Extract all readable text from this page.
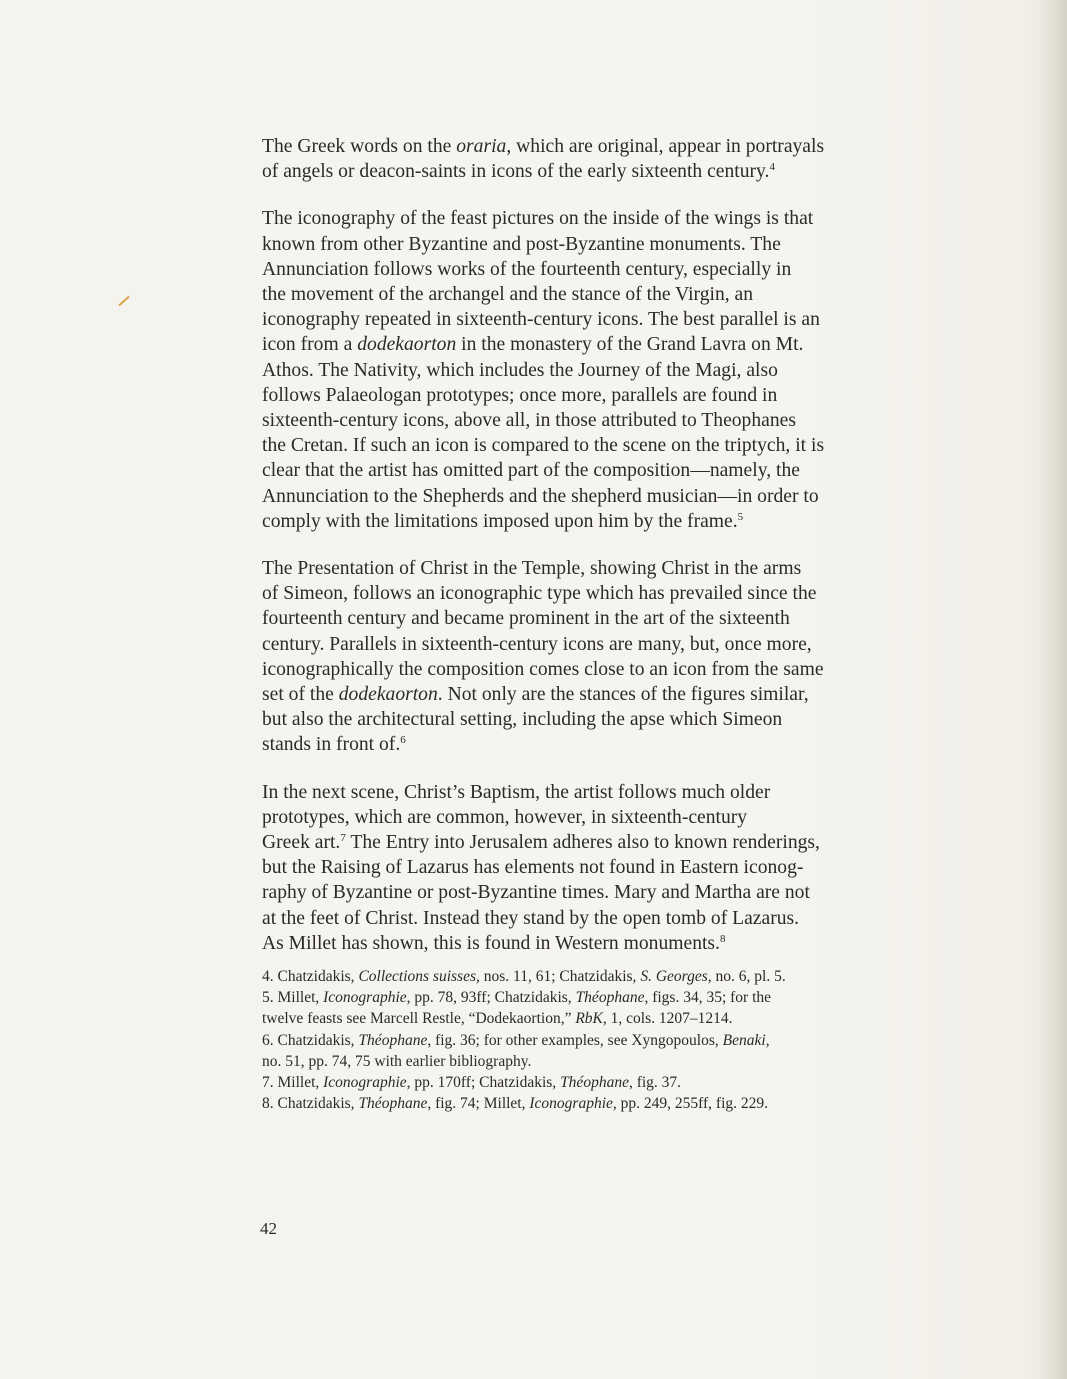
The Greek words on the oraria, which are original, appear in portrayals
of angels or deacon-saints in icons of the early sixteenth century.$^4$

The iconography of the feast pictures on the inside of the wings is that
known from other Byzantine and post-Byzantine monuments. The
Annunciation follows works of the fourteenth century, especially in
the movement of the archangel and the stance of the Virgin, an
iconography repeated in sixteenth-century icons. The best parallel is an
icon from a dodekaorton in the monastery of the Grand Lavra on Mt.
Athos. The Nativity, which includes the Journey of the Magi, also
follows Palaeologan prototypes; once more, parallels are found in
sixteenth-century icons, above all, in those attributed to Theophanes
the Cretan. If such an icon is compared to the scene on the triptych, it is
clear that the artist has omitted part of the composition—namely, the
Annunciation to the Shepherds and the shepherd musician—in order to
comply with the limitations imposed upon him by the frame.$^5$

The Presentation of Christ in the Temple, showing Christ in the arms
of Simeon, follows an iconographic type which has prevailed since the
fourteenth century and became prominent in the art of the sixteenth
century. Parallels in sixteenth-century icons are many, but, once more,
iconographically the composition comes close to an icon from the same
set of the dodekaorton. Not only are the stances of the figures similar,
but also the architectural setting, including the apse which Simeon
stands in front of.$^6$

In the next scene, Christ’s Baptism, the artist follows much older
prototypes, which are common, however, in sixteenth-century
Greek art.$^7$ The Entry into Jerusalem adheres also to known renderings,
but the Raising of Lazarus has elements not found in Eastern iconog-
raphy of Byzantine or post-Byzantine times. Mary and Martha are not
at the feet of Christ. Instead they stand by the open tomb of Lazarus.
As Millet has shown, this is found in Western monuments.$^8$

4. Chatzidakis, Collections suisses, nos. 11, 61; Chatzidakis, S. Georges, no. 6, pl. 5.
5. Millet, Iconographie, pp. 78, 93ff; Chatzidakis, Théophane, figs. 34, 35; for the
twelve feasts see Marcell Restle, “Dodekaortion,” RbK, 1, cols. 1207–1214.
6. Chatzidakis, Théophane, fig. 36; for other examples, see Xyngopoulos, Benaki,
no. 51, pp. 74, 75 with earlier bibliography.
7. Millet, Iconographie, pp. 170ff; Chatzidakis, Théophane, fig. 37.
8. Chatzidakis, Théophane, fig. 74; Millet, Iconographie, pp. 249, 255ff, fig. 229.
42
